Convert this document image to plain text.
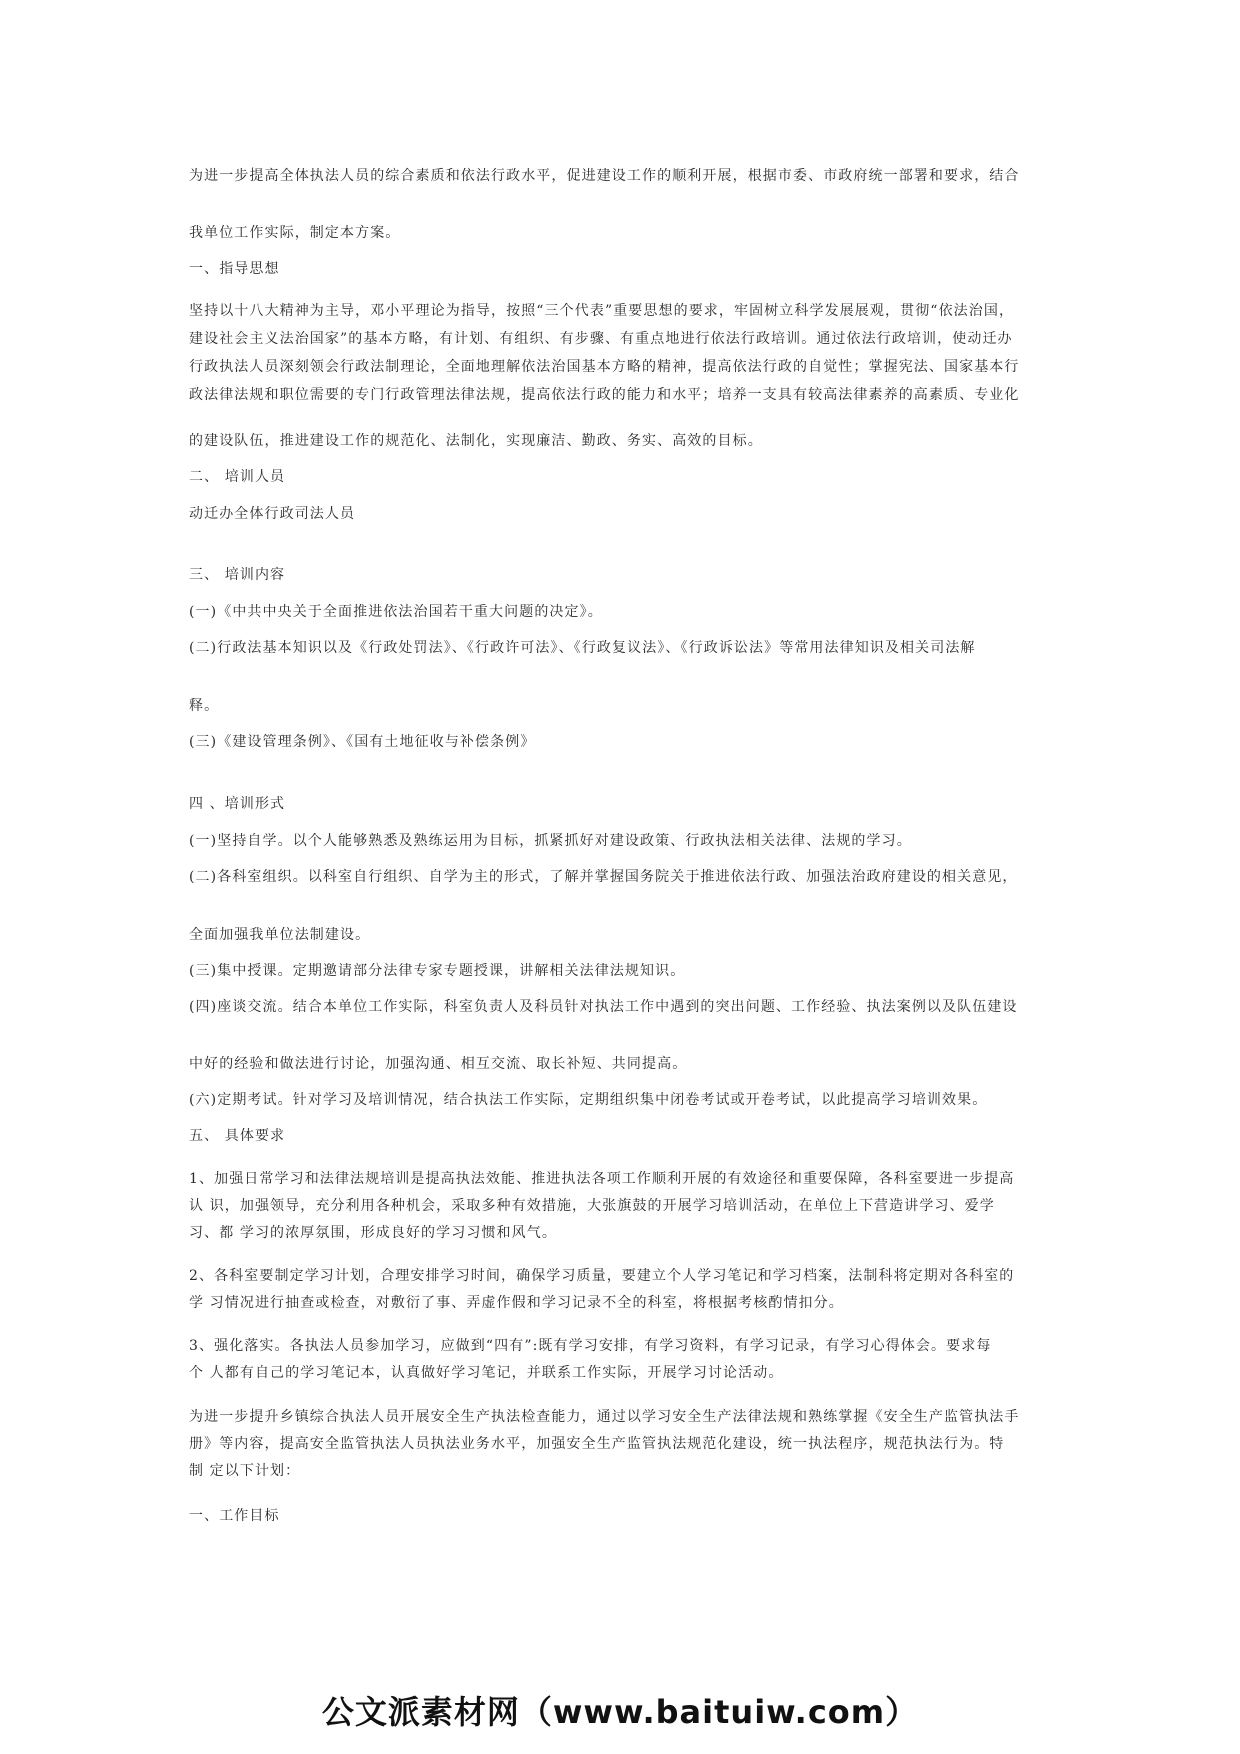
为进一步提高全体执法人员的综合素质和依法行政水平，促进建设工作的顺利开展，根据市委、市政府统一部署和要求，结合
我单位工作实际，制定本方案。
一、指导思想
坚持以十八大精神为主导，邓小平理论为指导，按照“三个代表”重要思想的要求，牢固树立科学发展展观，贯彻“依法治国，
建设社会主义法治国家”的基本方略，有计划、有组织、有步骤、有重点地进行依法行政培训。通过依法行政培训，使动迁办
行政执法人员深刻领会行政法制理论，全面地理解依法治国基本方略的精神，提高依法行政的自觉性；掌握宪法、国家基本行
政法律法规和职位需要的专门行政管理法律法规，提高依法行政的能力和水平；培养一支具有较高法律素养的高素质、专业化
的建设队伍，推进建设工作的规范化、法制化，实现廉洁、勤政、务实、高效的目标。
二、 培训人员
动迁办全体行政司法人员
三、 培训内容
(一)《中共中央关于全面推进依法治国若干重大问题的决定》。
(二)行政法基本知识以及《行政处罚法》、《行政许可法》、《行政复议法》、《行政诉讼法》等常用法律知识及相关司法解
释。
(三)《建设管理条例》、《国有土地征收与补偿条例》
四 、培训形式
(一)坚持自学。以个人能够熟悉及熟练运用为目标，抓紧抓好对建设政策、行政执法相关法律、法规的学习。
(二)各科室组织。以科室自行组织、自学为主的形式，了解并掌握国务院关于推进依法行政、加强法治政府建设的相关意见，
全面加强我单位法制建设。
(三)集中授课。定期邀请部分法律专家专题授课，讲解相关法律法规知识。
(四)座谈交流。结合本单位工作实际，科室负责人及科员针对执法工作中遇到的突出问题、工作经验、执法案例以及队伍建设
中好的经验和做法进行讨论，加强沟通、相互交流、取长补短、共同提高。
(六)定期考试。针对学习及培训情况，结合执法工作实际，定期组织集中闭卷考试或开卷考试，以此提高学习培训效果。
五、 具体要求
1、加强日常学习和法律法规培训是提高执法效能、推进执法各项工作顺利开展的有效途径和重要保障，各科室要进一步提高
认 识，加强领导，充分利用各种机会，采取多种有效措施，大张旗鼓的开展学习培训活动，在单位上下营造讲学习、爱学
习、都 学习的浓厚氛围，形成良好的学习习惯和风气。
2、各科室要制定学习计划，合理安排学习时间，确保学习质量，要建立个人学习笔记和学习档案，法制科将定期对各科室的
学 习情况进行抽查或检查，对敷衍了事、弄虚作假和学习记录不全的科室，将根据考核酌情扣分。
3、强化落实。各执法人员参加学习，应做到“四有”:既有学习安排，有学习资料，有学习记录，有学习心得体会。要求每
个 人都有自己的学习笔记本，认真做好学习笔记，并联系工作实际，开展学习讨论活动。
为进一步提升乡镇综合执法人员开展安全生产执法检查能力，通过以学习安全生产法律法规和熟练掌握《安全生产监管执法手
册》等内容，提高安全监管执法人员执法业务水平，加强安全生产监管执法规范化建设，统一执法程序，规范执法行为。特
制 定以下计划：
一、工作目标
公文派素材网（www.baituiw.com）
